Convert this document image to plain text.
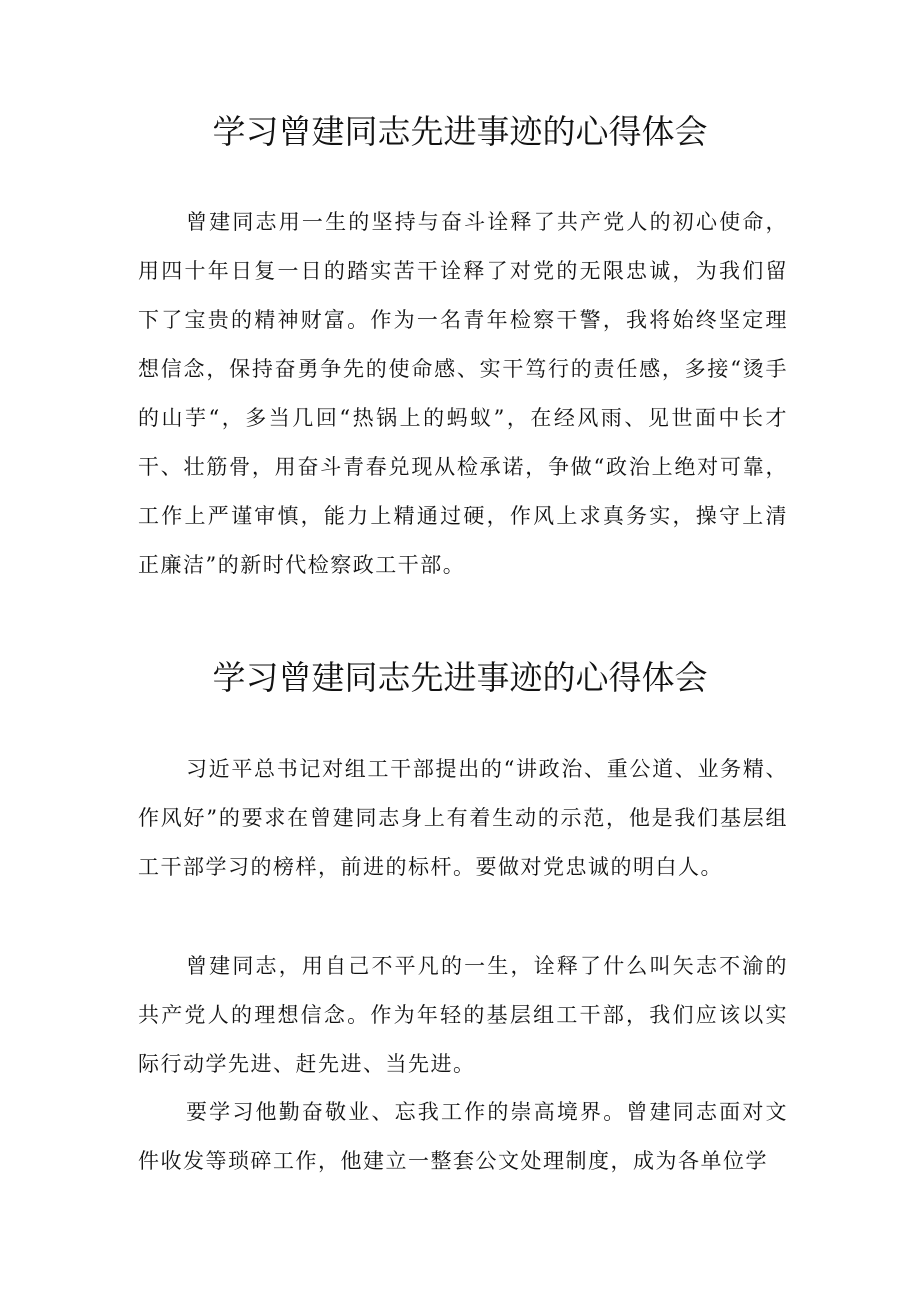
学习曾建同志先进事迹的心得体会

曾建同志用一生的坚持与奋斗诠释了共产党人的初心使命，用四十年日复一日的踏实苦干诠释了对党的无限忠诚，为我们留下了宝贵的精神财富。作为一名青年检察干警，我将始终坚定理想信念，保持奋勇争先的使命感、实干笃行的责任感，多接“烫手的山芋“，多当几回“热锅上的蚂蚁”，在经风雨、见世面中长才干、壮筋骨，用奋斗青春兑现从检承诺，争做“政治上绝对可靠，工作上严谨审慎，能力上精通过硬，作风上求真务实，操守上清正廉洁”的新时代检察政工干部。

学习曾建同志先进事迹的心得体会

习近平总书记对组工干部提出的“讲政治、重公道、业务精、作风好”的要求在曾建同志身上有着生动的示范，他是我们基层组工干部学习的榜样，前进的标杆。要做对党忠诚的明白人。

曾建同志，用自己不平凡的一生，诠释了什么叫矢志不渝的共产党人的理想信念。作为年轻的基层组工干部，我们应该以实际行动学先进、赶先进、当先进。

要学习他勤奋敬业、忘我工作的崇高境界。曾建同志面对文件收发等琐碎工作，他建立一整套公文处理制度，成为各单位学
